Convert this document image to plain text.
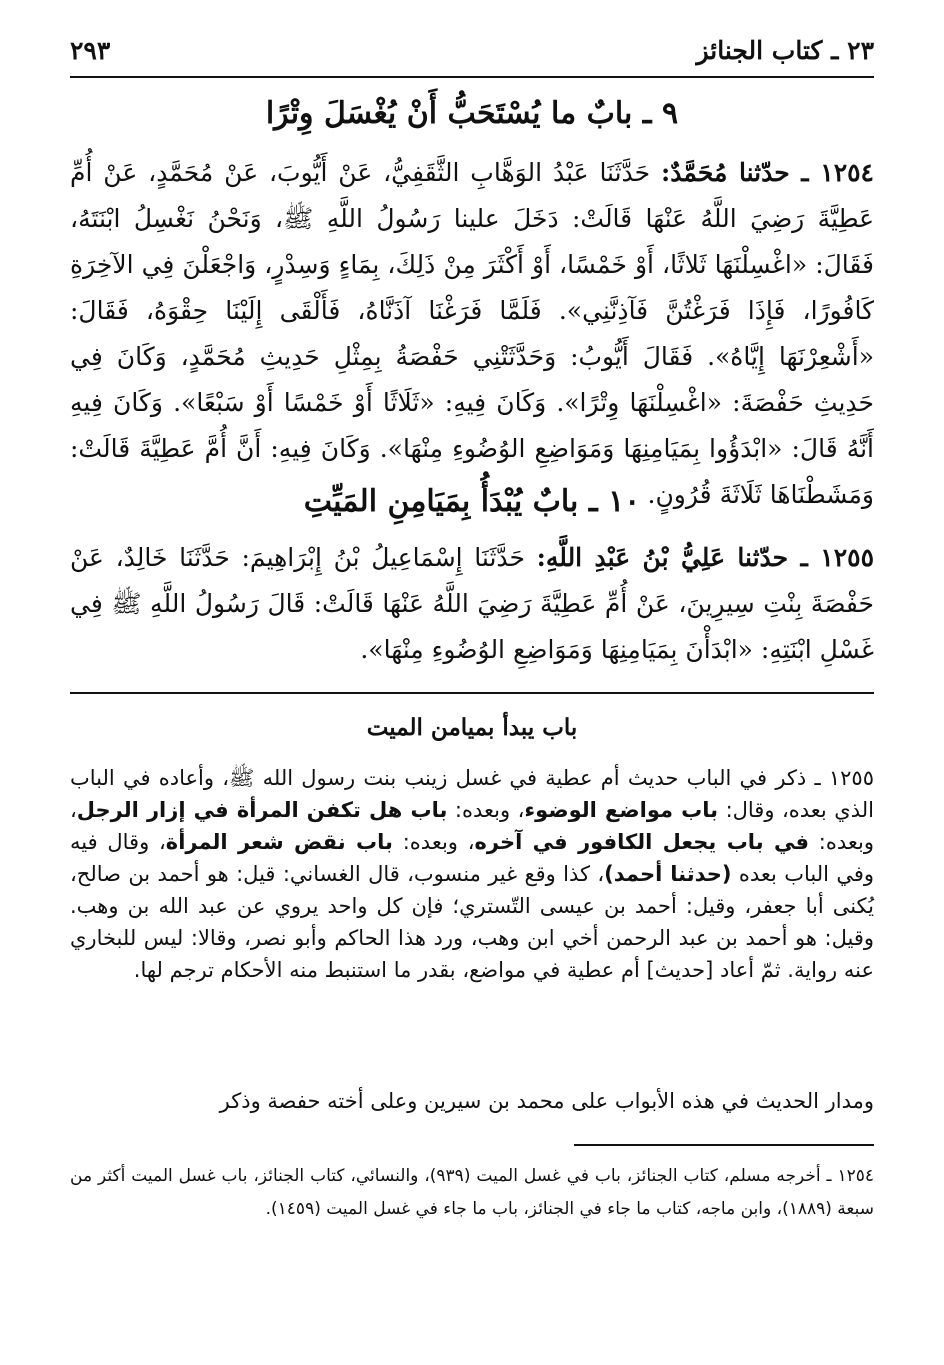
٢٣ ـ كتاب الجنائز
٢٩٣
٩ ـ بابٌ ما يُسْتَحَبُّ أَنْ يُغْسَلَ وِتْرًا

١٢٥٤ ـ حدّثنا مُحَمَّدٌ: حَدَّثَنَا عَبْدُ الوَهَّابِ الثَّقَفِيُّ، عَنْ أَيُّوبَ، عَنْ مُحَمَّدٍ، عَنْ أُمِّ عَطِيَّةَ رَضِيَ اللَّهُ عَنْهَا قَالَتْ: دَخَلَ علينا رَسُولُ اللَّهِ ﷺ، وَنَحْنُ نَغْسِلُ ابْنَتَهُ، فَقَالَ: «اغْسِلْنَهَا ثَلاثًا، أَوْ خَمْسًا، أَوْ أَكْثَرَ مِنْ ذَلِكَ، بِمَاءٍ وَسِدْرٍ، وَاجْعَلْنَ فِي الآخِرَةِ كَافُورًا، فَإِذَا فَرَغْتُنَّ فَآذِنَّنِي». فَلَمَّا فَرَغْنَا آذَنَّاهُ، فَأَلْقَى إِلَيْنَا حِقْوَهُ، فَقَالَ: «أَشْعِرْنَهَا إِيَّاهُ». فَقَالَ أَيُّوبُ: وَحَدَّثَتْنِي حَفْصَةُ بِمِثْلِ حَدِيثِ مُحَمَّدٍ، وَكَانَ فِي حَدِيثِ حَفْصَةَ: «اغْسِلْنَهَا وِتْرًا». وَكَانَ فِيهِ: «ثَلَاثًا أَوْ خَمْسًا أَوْ سَبْعًا». وَكَانَ فِيهِ أَنَّهُ قَالَ: «ابْدَؤُوا بِمَيَامِنِهَا وَمَوَاضِعِ الوُضُوءِ مِنْهَا». وَكَانَ فِيهِ: أَنَّ أُمَّ عَطِيَّةَ قَالَتْ: وَمَشَطْنَاهَا ثَلَاثَةَ قُرُونٍ.

١٠ ـ بابٌ يُبْدَأُ بِمَيَامِنِ المَيِّتِ

١٢٥٥ ـ حدّثنا عَلِيُّ بْنُ عَبْدِ اللَّهِ: حَدَّثَنَا إِسْمَاعِيلُ بْنُ إِبْرَاهِيمَ: حَدَّثَنَا خَالِدٌ، عَنْ حَفْصَةَ بِنْتِ سِيرِينَ، عَنْ أُمِّ عَطِيَّةَ رَضِيَ اللَّهُ عَنْهَا قَالَتْ: قَالَ رَسُولُ اللَّهِ ﷺ فِي غَسْلِ ابْنَتِهِ: «ابْدَأْنَ بِمَيَامِنِهَا وَمَوَاضِعِ الوُضُوءِ مِنْهَا».

باب يبدأ بميامن الميت

١٢٥٥ ـ ذكر في الباب حديث أم عطية في غسل زينب بنت رسول الله ﷺ، وأعاده في الباب الذي بعده، وقال: باب مواضع الوضوء، وبعده: باب هل تكفن المرأة في إزار الرجل، وبعده: في باب يجعل الكافور في آخره، وبعده: باب نقض شعر المرأة، وقال فيه وفي الباب بعده (حدثنا أحمد)، كذا وقع غير منسوب، قال الغساني: قيل: هو أحمد بن صالح، يُكنى أبا جعفر، وقيل: أحمد بن عيسى التّستري؛ فإن كل واحد يروي عن عبد الله بن وهب. وقيل: هو أحمد بن عبد الرحمن أخي ابن وهب، ورد هذا الحاكم وأبو نصر، وقالا: ليس للبخاري عنه رواية. ثمّ أعاد [حديث] أم عطية في مواضع، بقدر ما استنبط منه الأحكام ترجم لها.

ومدار الحديث في هذه الأبواب على محمد بن سيرين وعلى أخته حفصة وذكر

١٢٥٤ ـ أخرجه مسلم، كتاب الجنائز، باب في غسل الميت (٩٣٩)، والنسائي، كتاب الجنائز، باب غسل الميت أكثر من سبعة (١٨٨٩)، وابن ماجه، كتاب ما جاء في الجنائز، باب ما جاء في غسل الميت (١٤٥٩).
